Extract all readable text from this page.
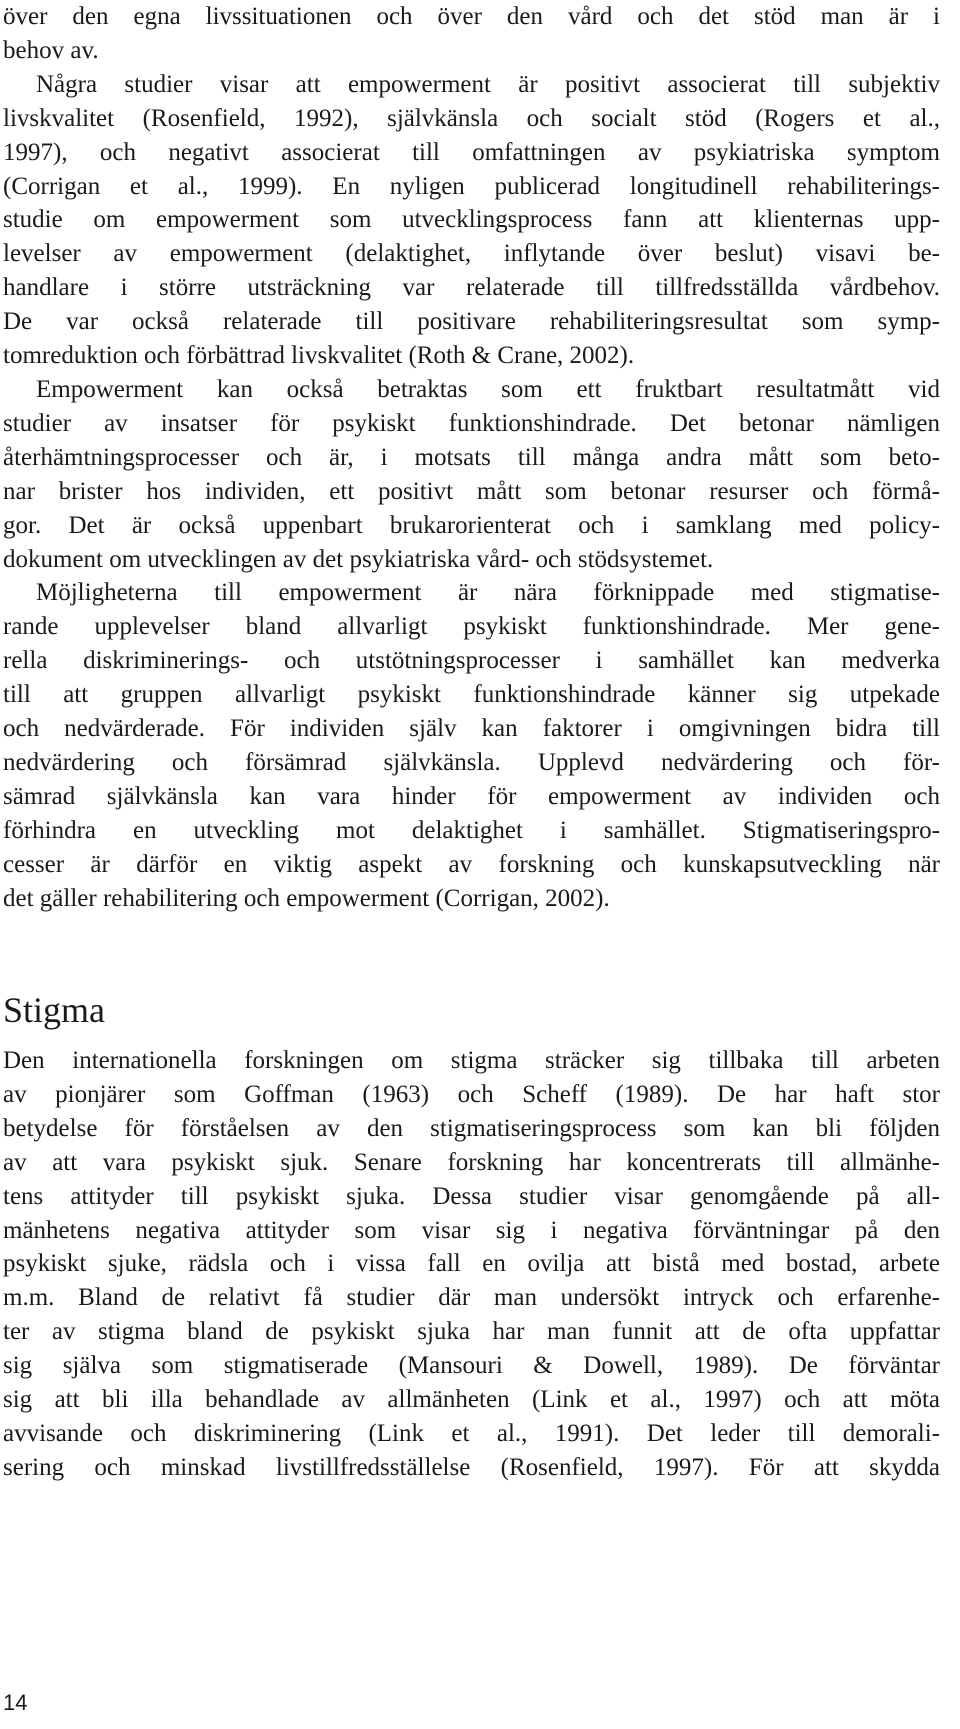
över den egna livssituationen och över den vård och det stöd man är i
behov av.
Några studier visar att empowerment är positivt associerat till subjektiv
livskvalitet (Rosenfield, 1992), självkänsla och socialt stöd (Rogers et al.,
1997), och negativt associerat till omfattningen av psykiatriska symptom
(Corrigan et al., 1999). En nyligen publicerad longitudinell rehabiliterings-
studie om empowerment som utvecklingsprocess fann att klienternas upp-
levelser av empowerment (delaktighet, inflytande över beslut) visavi be-
handlare i större utsträckning var relaterade till tillfredsställda vårdbehov.
De var också relaterade till positivare rehabiliteringsresultat som symp-
tomreduktion och förbättrad livskvalitet (Roth & Crane, 2002).
Empowerment kan också betraktas som ett fruktbart resultatmått vid
studier av insatser för psykiskt funktionshindrade. Det betonar nämligen
återhämtningsprocesser och är, i motsats till många andra mått som beto-
nar brister hos individen, ett positivt mått som betonar resurser och förmå-
gor. Det är också uppenbart brukarorienterat och i samklang med policy-
dokument om utvecklingen av det psykiatriska vård- och stödsystemet.
Möjligheterna till empowerment är nära förknippade med stigmatise-
rande upplevelser bland allvarligt psykiskt funktionshindrade. Mer gene-
rella diskriminerings- och utstötningsprocesser i samhället kan medverka
till att gruppen allvarligt psykiskt funktionshindrade känner sig utpekade
och nedvärderade. För individen själv kan faktorer i omgivningen bidra till
nedvärdering och försämrad självkänsla. Upplevd nedvärdering och för-
sämrad självkänsla kan vara hinder för empowerment av individen och
förhindra en utveckling mot delaktighet i samhället. Stigmatiseringspro-
cesser är därför en viktig aspekt av forskning och kunskapsutveckling när
det gäller rehabilitering och empowerment (Corrigan, 2002).
Stigma
Den internationella forskningen om stigma sträcker sig tillbaka till arbeten
av pionjärer som Goffman (1963) och Scheff (1989). De har haft stor
betydelse för förståelsen av den stigmatiseringsprocess som kan bli följden
av att vara psykiskt sjuk. Senare forskning har koncentrerats till allmänhe-
tens attityder till psykiskt sjuka. Dessa studier visar genomgående på all-
mänhetens negativa attityder som visar sig i negativa förväntningar på den
psykiskt sjuke, rädsla och i vissa fall en ovilja att bistå med bostad, arbete
m.m. Bland de relativt få studier där man undersökt intryck och erfarenhe-
ter av stigma bland de psykiskt sjuka har man funnit att de ofta uppfattar
sig själva som stigmatiserade (Mansouri & Dowell, 1989). De förväntar
sig att bli illa behandlade av allmänheten (Link et al., 1997) och att möta
avvisande och diskriminering (Link et al., 1991). Det leder till demorali-
sering och minskad livstillfredsställelse (Rosenfield, 1997). För att skydda
14
